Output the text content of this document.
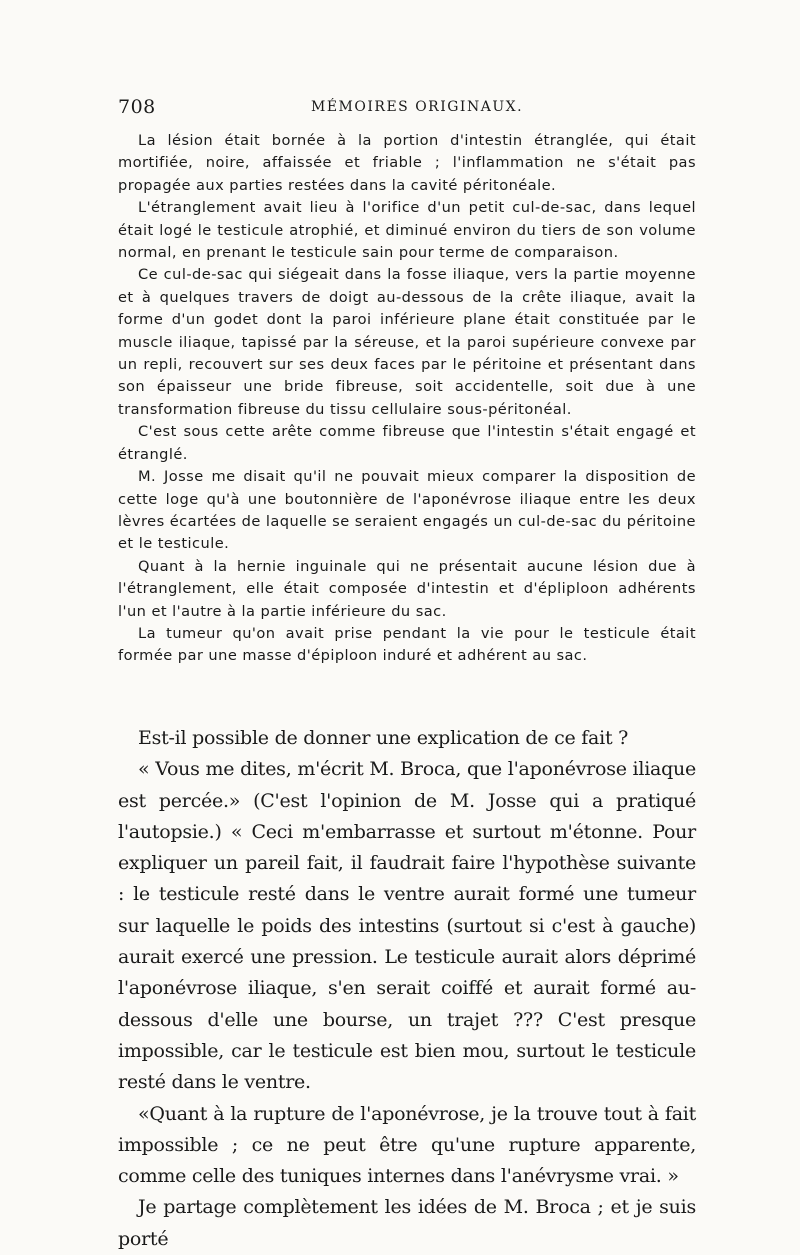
708	MÉMOIRES ORIGINAUX.

La lésion était bornée à la portion d'intestin étranglée, qui était mortifiée, noire, affaissée et friable ; l'inflammation ne s'était pas propagée aux parties restées dans la cavité péritonéale.

L'étranglement avait lieu à l'orifice d'un petit cul-de-sac, dans lequel était logé le testicule atrophié, et diminué environ du tiers de son volume normal, en prenant le testicule sain pour terme de comparaison.

Ce cul-de-sac qui siégeait dans la fosse iliaque, vers la partie moyenne et à quelques travers de doigt au-dessous de la crête iliaque, avait la forme d'un godet dont la paroi inférieure plane était constituée par le muscle iliaque, tapissé par la séreuse, et la paroi supérieure convexe par un repli, recouvert sur ses deux faces par le péritoine et présentant dans son épaisseur une bride fibreuse, soit accidentelle, soit due à une transformation fibreuse du tissu cellulaire sous-péritonéal.

C'est sous cette arête comme fibreuse que l'intestin s'était engagé et étranglé.

M. Josse me disait qu'il ne pouvait mieux comparer la disposition de cette loge qu'à une boutonnière de l'aponévrose iliaque entre les deux lèvres écartées de laquelle se seraient engagés un cul-de-sac du péritoine et le testicule.

Quant à la hernie inguinale qui ne présentait aucune lésion due à l'étranglement, elle était composée d'intestin et d'épliploon adhérents l'un et l'autre à la partie inférieure du sac.

La tumeur qu'on avait prise pendant la vie pour le testicule était formée par une masse d'épiploon induré et adhérent au sac.

Est-il possible de donner une explication de ce fait ?

« Vous me dites, m'écrit M. Broca, que l'aponévrose iliaque est percée.» (C'est l'opinion de M. Josse qui a pratiqué l'autopsie.) « Ceci m'embarrasse et surtout m'étonne. Pour expliquer un pareil fait, il faudrait faire l'hypothèse suivante : le testicule resté dans le ventre aurait formé une tumeur sur laquelle le poids des intestins (surtout si c'est à gauche) aurait exercé une pression. Le testicule aurait alors déprimé l'aponévrose iliaque, s'en serait coiffé et aurait formé au-dessous d'elle une bourse, un trajet ??? C'est presque impossible, car le testicule est bien mou, surtout le testicule resté dans le ventre.

«Quant à la rupture de l'aponévrose, je la trouve tout à fait impossible ; ce ne peut être qu'une rupture apparente, comme celle des tuniques internes dans l'anévrysme vrai. »

Je partage complètement les idées de M. Broca ; et je suis porté
